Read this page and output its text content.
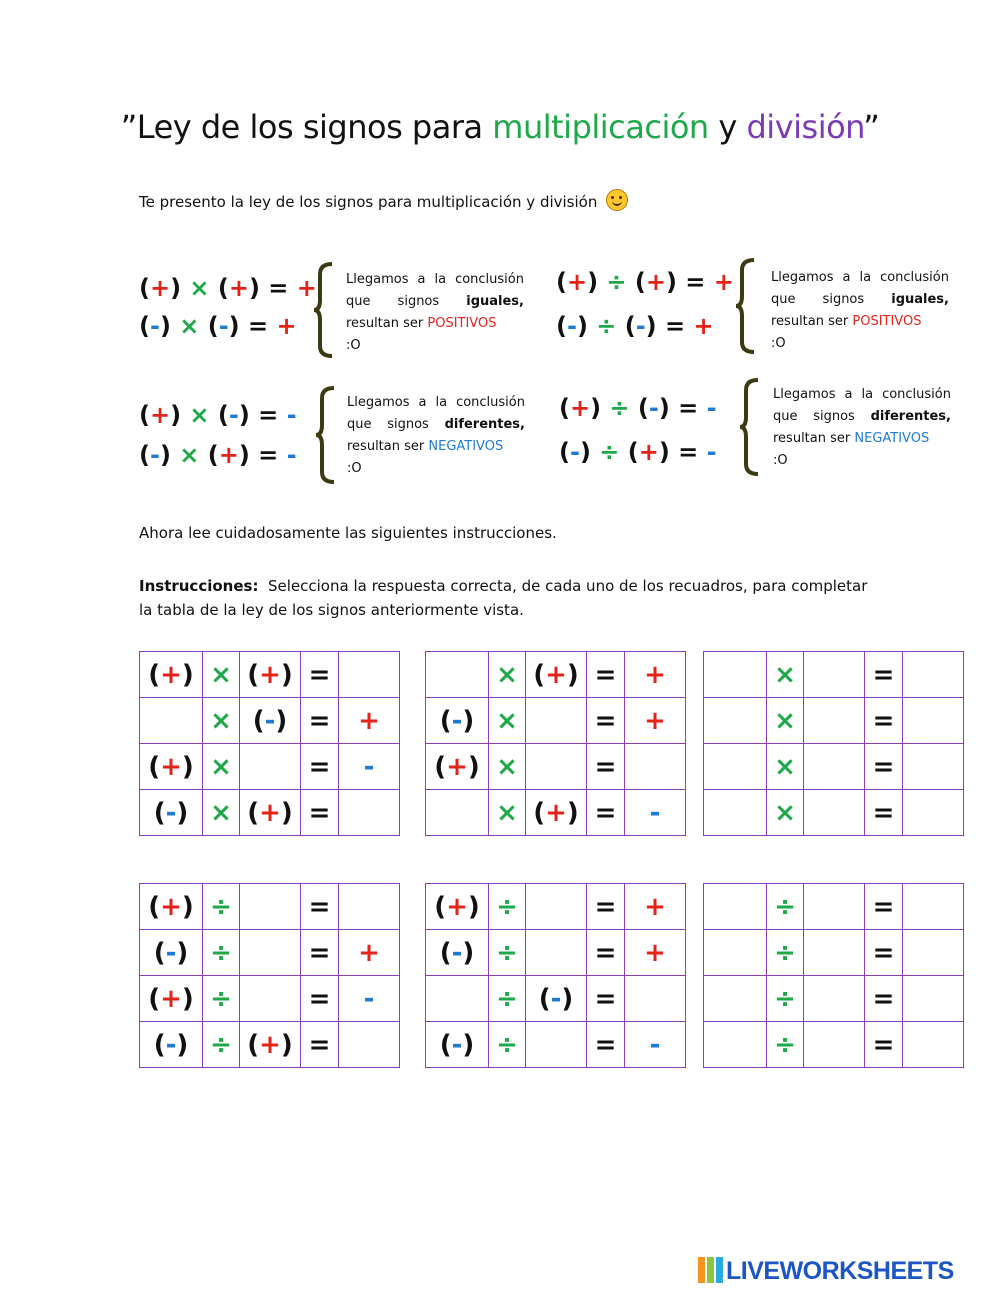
”Ley de los signos para multiplicación y división”
Te presento la ley de los signos para multiplicación y división
(+) × (+) = +
(-) × (-) = +
Llegamos a la conclusión que signos iguales, resultan ser POSITIVOS
:O
(+) ÷ (+) = +
(-) ÷ (-) = +
Llegamos a la conclusión que signos iguales, resultan ser POSITIVOS
:O
(+) × (-) = -
(-) × (+) = -
Llegamos a la conclusión que signos diferentes, resultan ser NEGATIVOS
:O
(+) ÷ (-) = -
(-) ÷ (+) = -
Llegamos a la conclusión que signos diferentes, resultan ser NEGATIVOS
:O
Ahora lee cuidadosamente las siguientes instrucciones.
Instrucciones: Selecciona la respuesta correcta, de cada uno de los recuadros, para completar la tabla de la ley de los signos anteriormente vista.
(+)	×	(+)	=	
	×	(-)	=	+
(+)	×		=	-
(-)	×	(+)	=	
	×	(+)	=	+
(-)	×		=	+
(+)	×		=	
	×	(+)	=	-
	×		=	
	×		=	
	×		=	
	×		=	
(+)	÷		=	
(-)	÷		=	+
(+)	÷		=	-
(-)	÷	(+)	=	
(+)	÷		=	+
(-)	÷		=	+
	÷	(-)	=	
(-)	÷		=	-
	÷		=	
	÷		=	
	÷		=	
	÷		=	
LIVEWORKSHEETS
